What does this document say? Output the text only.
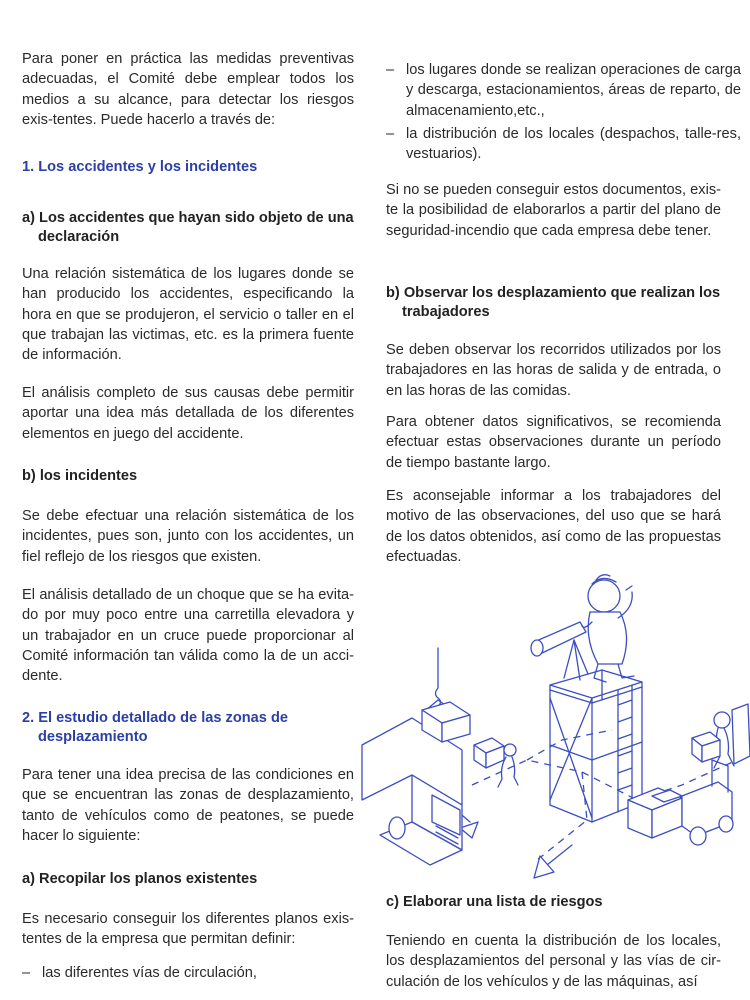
Para poner en práctica las medidas preventivas adecuadas, el Comité debe emplear todos los medios a su alcance, para detectar los riesgos exis-tentes. Puede hacerlo a través de:

1. Los accidentes y los incidentes
a) Los accidentes que hayan sido objeto de una
declaración

Una relación sistemática de los lugares donde se han producido los accidentes, especificando la hora en que se produjeron, el servicio o taller en el que trabajan las victimas, etc. es la primera fuente de información.

El análisis completo de sus causas debe permitir aportar una idea más detallada de los diferentes elementos en juego del accidente.

b) los incidentes

Se debe efectuar una relación sistemática de los incidentes, pues son, junto con los accidentes, un fiel reflejo de los riesgos que existen.

El análisis detallado de un choque que se ha evita-do por muy poco entre una carretilla elevadora y un trabajador en un cruce puede proporcionar al Comité información tan válida como la de un acci-dente.

2. El estudio detallado de las zonas de
desplazamiento

Para tener una idea precisa de las condiciones en que se encuentran las zonas de desplazamiento, tanto de vehículos como de peatones, se puede hacer lo siguiente:

a) Recopilar los planos existentes

Es necesario conseguir los diferentes planos exis-tentes de la empresa que permitan definir:

– las diferentes vías de circulación,

– los lugares donde se realizan operaciones de carga y descarga, estacionamientos, áreas de reparto, de almacenamiento,etc.,

– la distribución de los locales (despachos, talle-res, vestuarios).

Si no se pueden conseguir estos documentos, exis-te la posibilidad de elaborarlos a partir del plano de seguridad-incendio que cada empresa debe tener.

b) Observar los desplazamiento que realizan los
trabajadores

Se deben observar los recorridos utilizados por los trabajadores en las horas de salida y de entrada, o en las horas de las comidas.

Para obtener datos significativos, se recomienda efectuar estas observaciones durante un período de tiempo bastante largo.

Es aconsejable informar a los trabajadores del motivo de las observaciones, del uso que se hará de los datos obtenidos, así como de las propuestas efectuadas.

c) Elaborar una lista de riesgos

Teniendo en cuenta la distribución de los locales, los desplazamientos del personal y las vías de cir-culación de los vehículos y de las máquinas, así
